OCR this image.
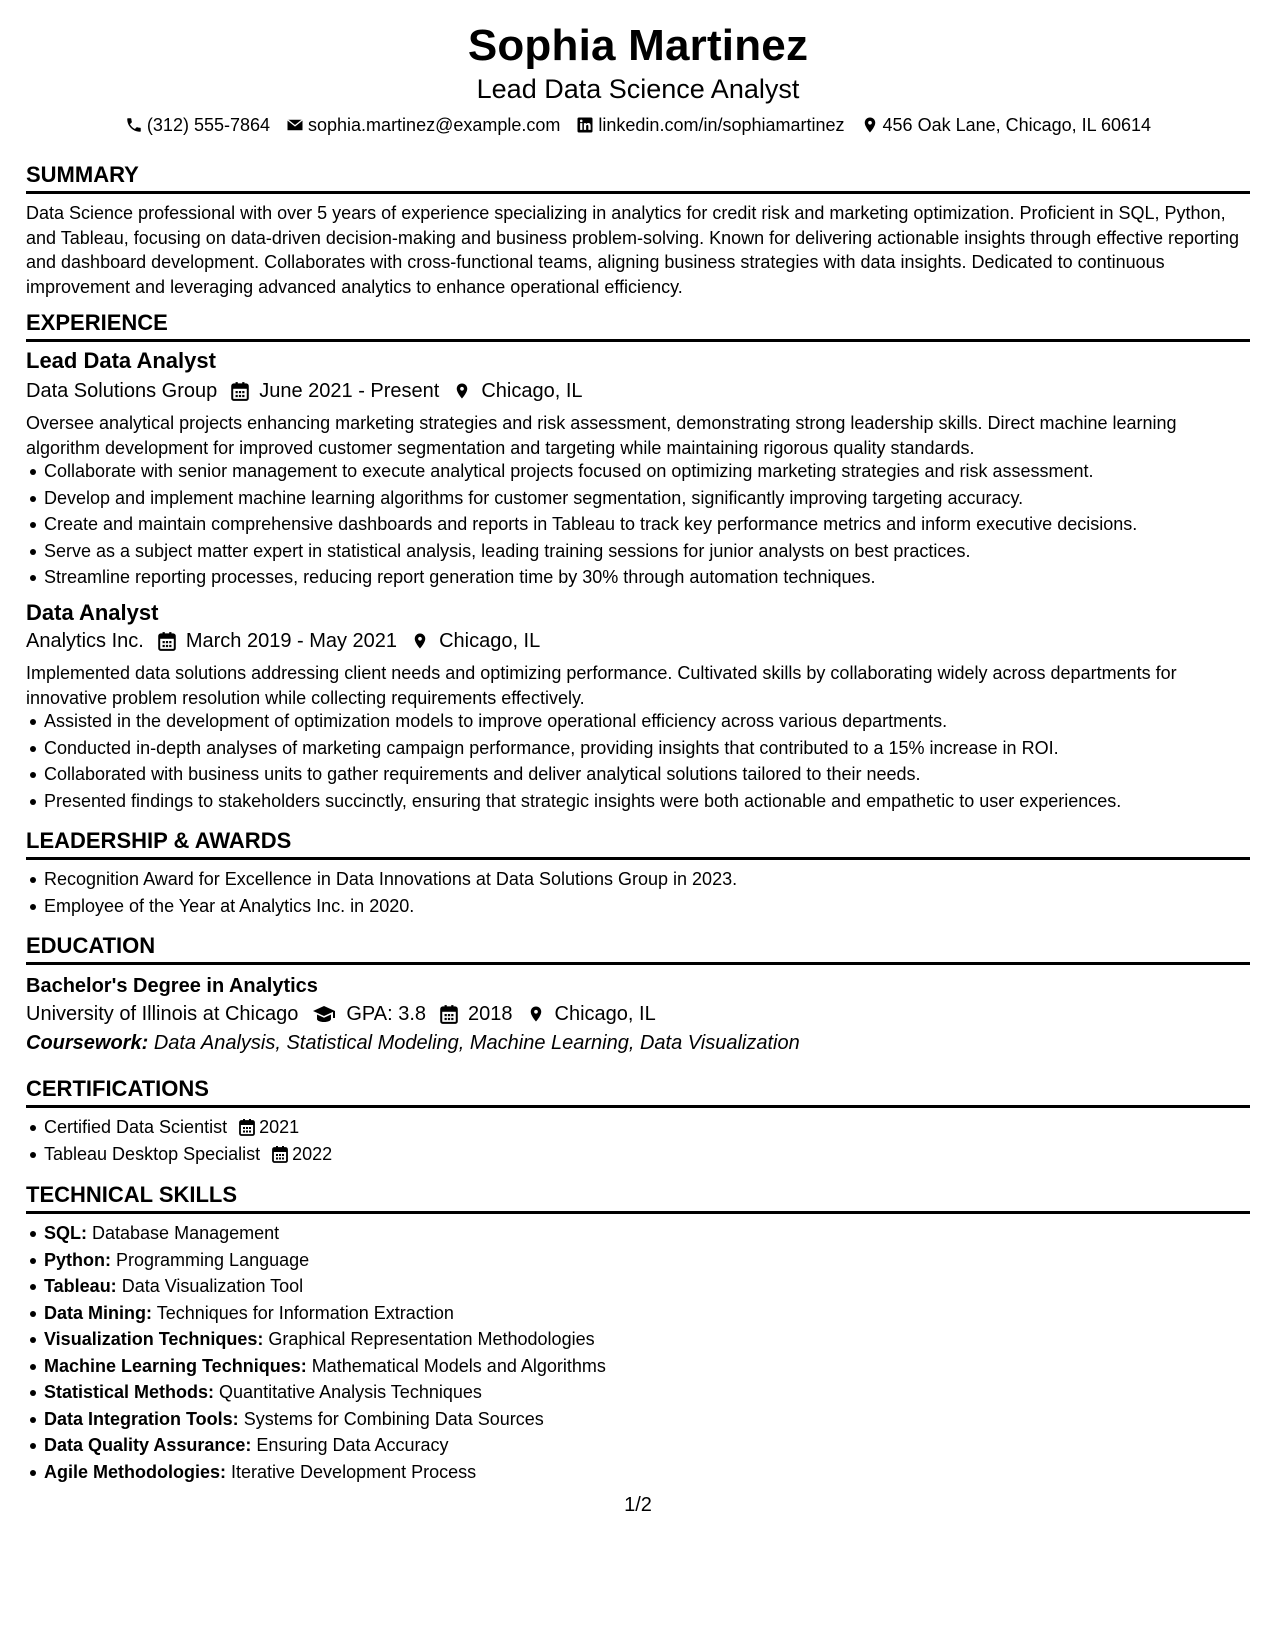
Sophia Martinez
Lead Data Science Analyst
(312) 555-7864 sophia.martinez@example.com linkedin.com/in/sophiamartinez 456 Oak Lane, Chicago, IL 60614
SUMMARY
Data Science professional with over 5 years of experience specializing in analytics for credit risk and marketing optimization. Proficient in SQL, Python, and Tableau, focusing on data-driven decision-making and business problem-solving. Known for delivering actionable insights through effective reporting and dashboard development. Collaborates with cross-functional teams, aligning business strategies with data insights. Dedicated to continuous improvement and leveraging advanced analytics to enhance operational efficiency.
EXPERIENCE
Lead Data Analyst
Data Solutions Group June 2021 - Present Chicago, IL
Oversee analytical projects enhancing marketing strategies and risk assessment, demonstrating strong leadership skills. Direct machine learning algorithm development for improved customer segmentation and targeting while maintaining rigorous quality standards.
Collaborate with senior management to execute analytical projects focused on optimizing marketing strategies and risk assessment.
Develop and implement machine learning algorithms for customer segmentation, significantly improving targeting accuracy.
Create and maintain comprehensive dashboards and reports in Tableau to track key performance metrics and inform executive decisions.
Serve as a subject matter expert in statistical analysis, leading training sessions for junior analysts on best practices.
Streamline reporting processes, reducing report generation time by 30% through automation techniques.
Data Analyst
Analytics Inc. March 2019 - May 2021 Chicago, IL
Implemented data solutions addressing client needs and optimizing performance. Cultivated skills by collaborating widely across departments for innovative problem resolution while collecting requirements effectively.
Assisted in the development of optimization models to improve operational efficiency across various departments.
Conducted in-depth analyses of marketing campaign performance, providing insights that contributed to a 15% increase in ROI.
Collaborated with business units to gather requirements and deliver analytical solutions tailored to their needs.
Presented findings to stakeholders succinctly, ensuring that strategic insights were both actionable and empathetic to user experiences.
LEADERSHIP & AWARDS
Recognition Award for Excellence in Data Innovations at Data Solutions Group in 2023.
Employee of the Year at Analytics Inc. in 2020.
EDUCATION
Bachelor's Degree in Analytics
University of Illinois at Chicago GPA: 3.8 2018 Chicago, IL
Coursework: Data Analysis, Statistical Modeling, Machine Learning, Data Visualization
CERTIFICATIONS
Certified Data Scientist 2021
Tableau Desktop Specialist 2022
TECHNICAL SKILLS
SQL: Database Management
Python: Programming Language
Tableau: Data Visualization Tool
Data Mining: Techniques for Information Extraction
Visualization Techniques: Graphical Representation Methodologies
Machine Learning Techniques: Mathematical Models and Algorithms
Statistical Methods: Quantitative Analysis Techniques
Data Integration Tools: Systems for Combining Data Sources
Data Quality Assurance: Ensuring Data Accuracy
Agile Methodologies: Iterative Development Process
1/2
